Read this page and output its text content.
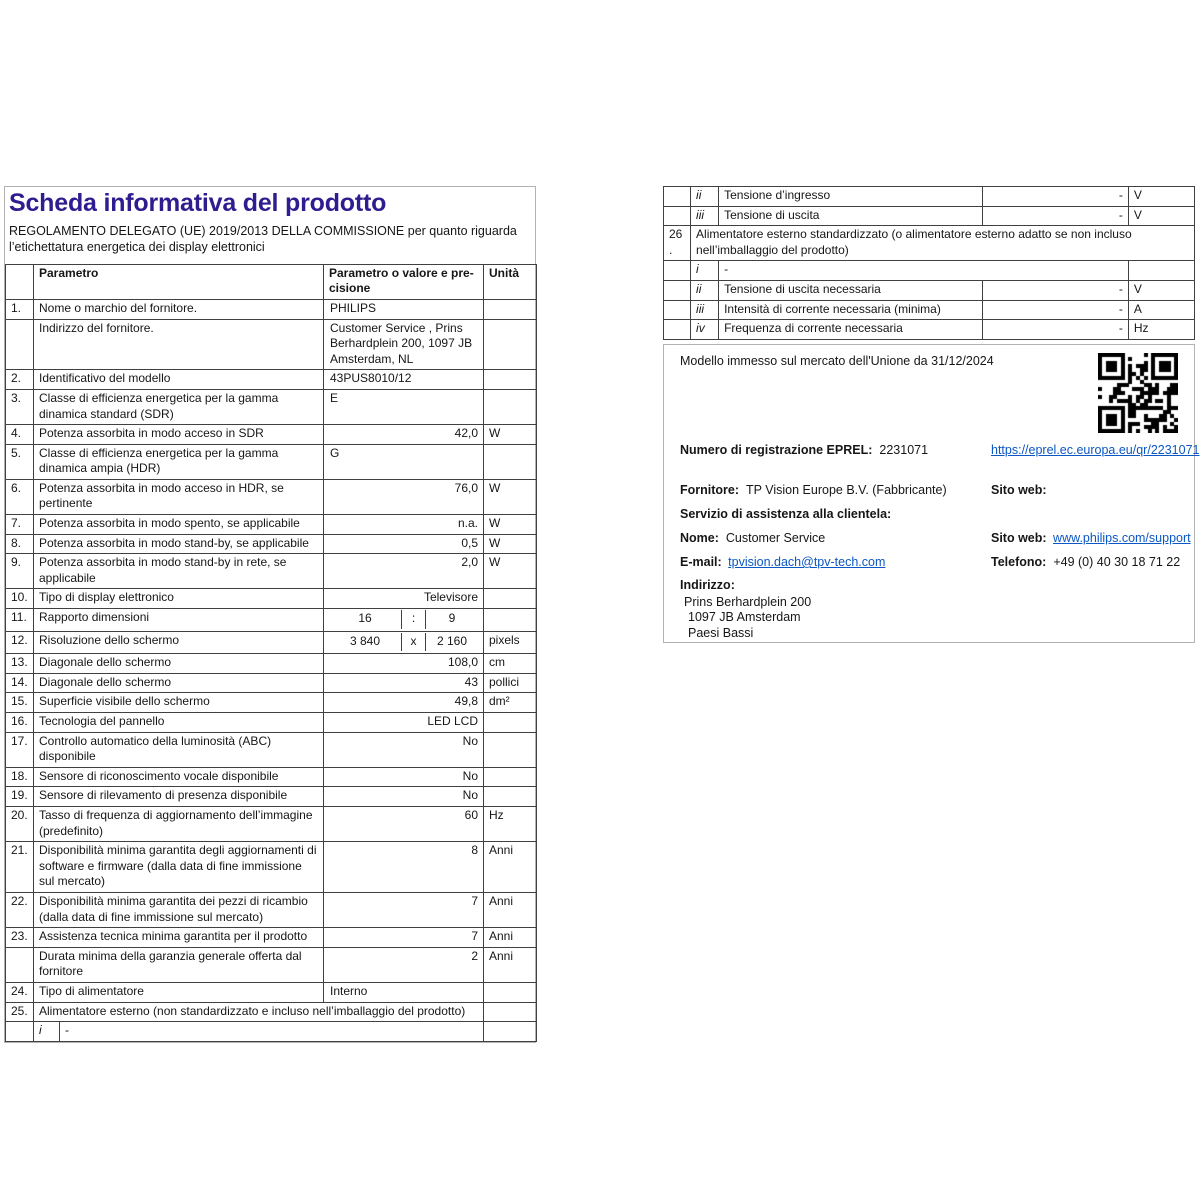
Scheda informativa del prodotto

REGOLAMENTO DELEGATO (UE) 2019/2013 DELLA COMMISSIONE per quanto riguarda l’etichettatura energetica dei display elettronici

	Parametro		Parametro o valore e pre-cisione	Unità
1.	Nome o marchio del fornitore.		PHILIPS	
	Indirizzo del fornitore.		Customer Service , Prins Berhardplein 200, 1097 JB Amsterdam, NL	
2.	Identificativo del modello		43PUS8010/12	
3.	Classe di efficienza energetica per la gamma dinamica standard (SDR)		E	
4.	Potenza assorbita in modo acceso in SDR		42,0	W
5.	Classe di efficienza energetica per la gamma dinamica ampia (HDR)		G	
6.	Potenza assorbita in modo acceso in HDR, se pertinente		76,0	W
7.	Potenza assorbita in modo spento, se applicabile		n.a.	W
8.	Potenza assorbita in modo stand-by, se applicabile		0,5	W
9.	Potenza assorbita in modo stand-by in rete, se applicabile		2,0	W
10.	Tipo di display elettronico		Televisore	
11.	Rapporto dimensioni		16 : 9	

12.	Risoluzione dello schermo		3 840 x 2 160	pixels
13.	Diagonale dello schermo		108,0	cm
14.	Diagonale dello schermo		43	pollici
15.	Superficie visibile dello schermo		49,8	dm²
16.	Tecnologia del pannello		LED LCD	
17.	Controllo automatico della luminosità (ABC) disponibile		No	
18.	Sensore di riconoscimento vocale disponibile		No	
19.	Sensore di rilevamento di presenza disponibile		No	
20.	Tasso di frequenza di aggiornamento dell’immagine (predefinito)		60	Hz
21.	Disponibilità minima garantita degli aggiornamenti di software e firmware (dalla data di fine immissione sul mercato)		8	Anni
22.	Disponibilità minima garantita dei pezzi di ricambio (dalla data di fine immissione sul mercato)		7	Anni
23.	Assistenza tecnica minima garantita per il prodotto		7	Anni
	Durata minima della garanzia generale offerta dal fornitore		2	Anni
24.	Tipo di alimentatore		Interno	
25.	Alimentatore esterno (non standardizzato e incluso nell’imballaggio del prodotto)			
	i	-		
	ii	Tensione d’ingresso	-	V
	iii	Tensione di uscita	-	V
26.	Alimentatore esterno standardizzato (o alimentatore esterno adatto se non incluso nell’imballaggio del prodotto)			
	i	-		
	ii	Tensione di uscita necessaria	-	V
	iii	Intensità di corrente necessaria (minima)	-	A
	iv	Frequenza di corrente necessaria	-	Hz
Modello immesso sul mercato dell'Unione da 31/12/2024
Numero di registrazione EPREL: 2231071	https://eprel.ec.europa.eu/qr/2231071
Fornitore: TP Vision Europe B.V. (Fabbricante)	Sito web:
Servizio di assistenza alla clientela:
Nome: Customer Service	Sito web: www.philips.com/support
E-mail: tpvision.dach@tpv-tech.com	Telefono: +49 (0) 40 30 18 71 22
Indirizzo:
Prins Berhardplein 200
1097 JB Amsterdam
Paesi Bassi
